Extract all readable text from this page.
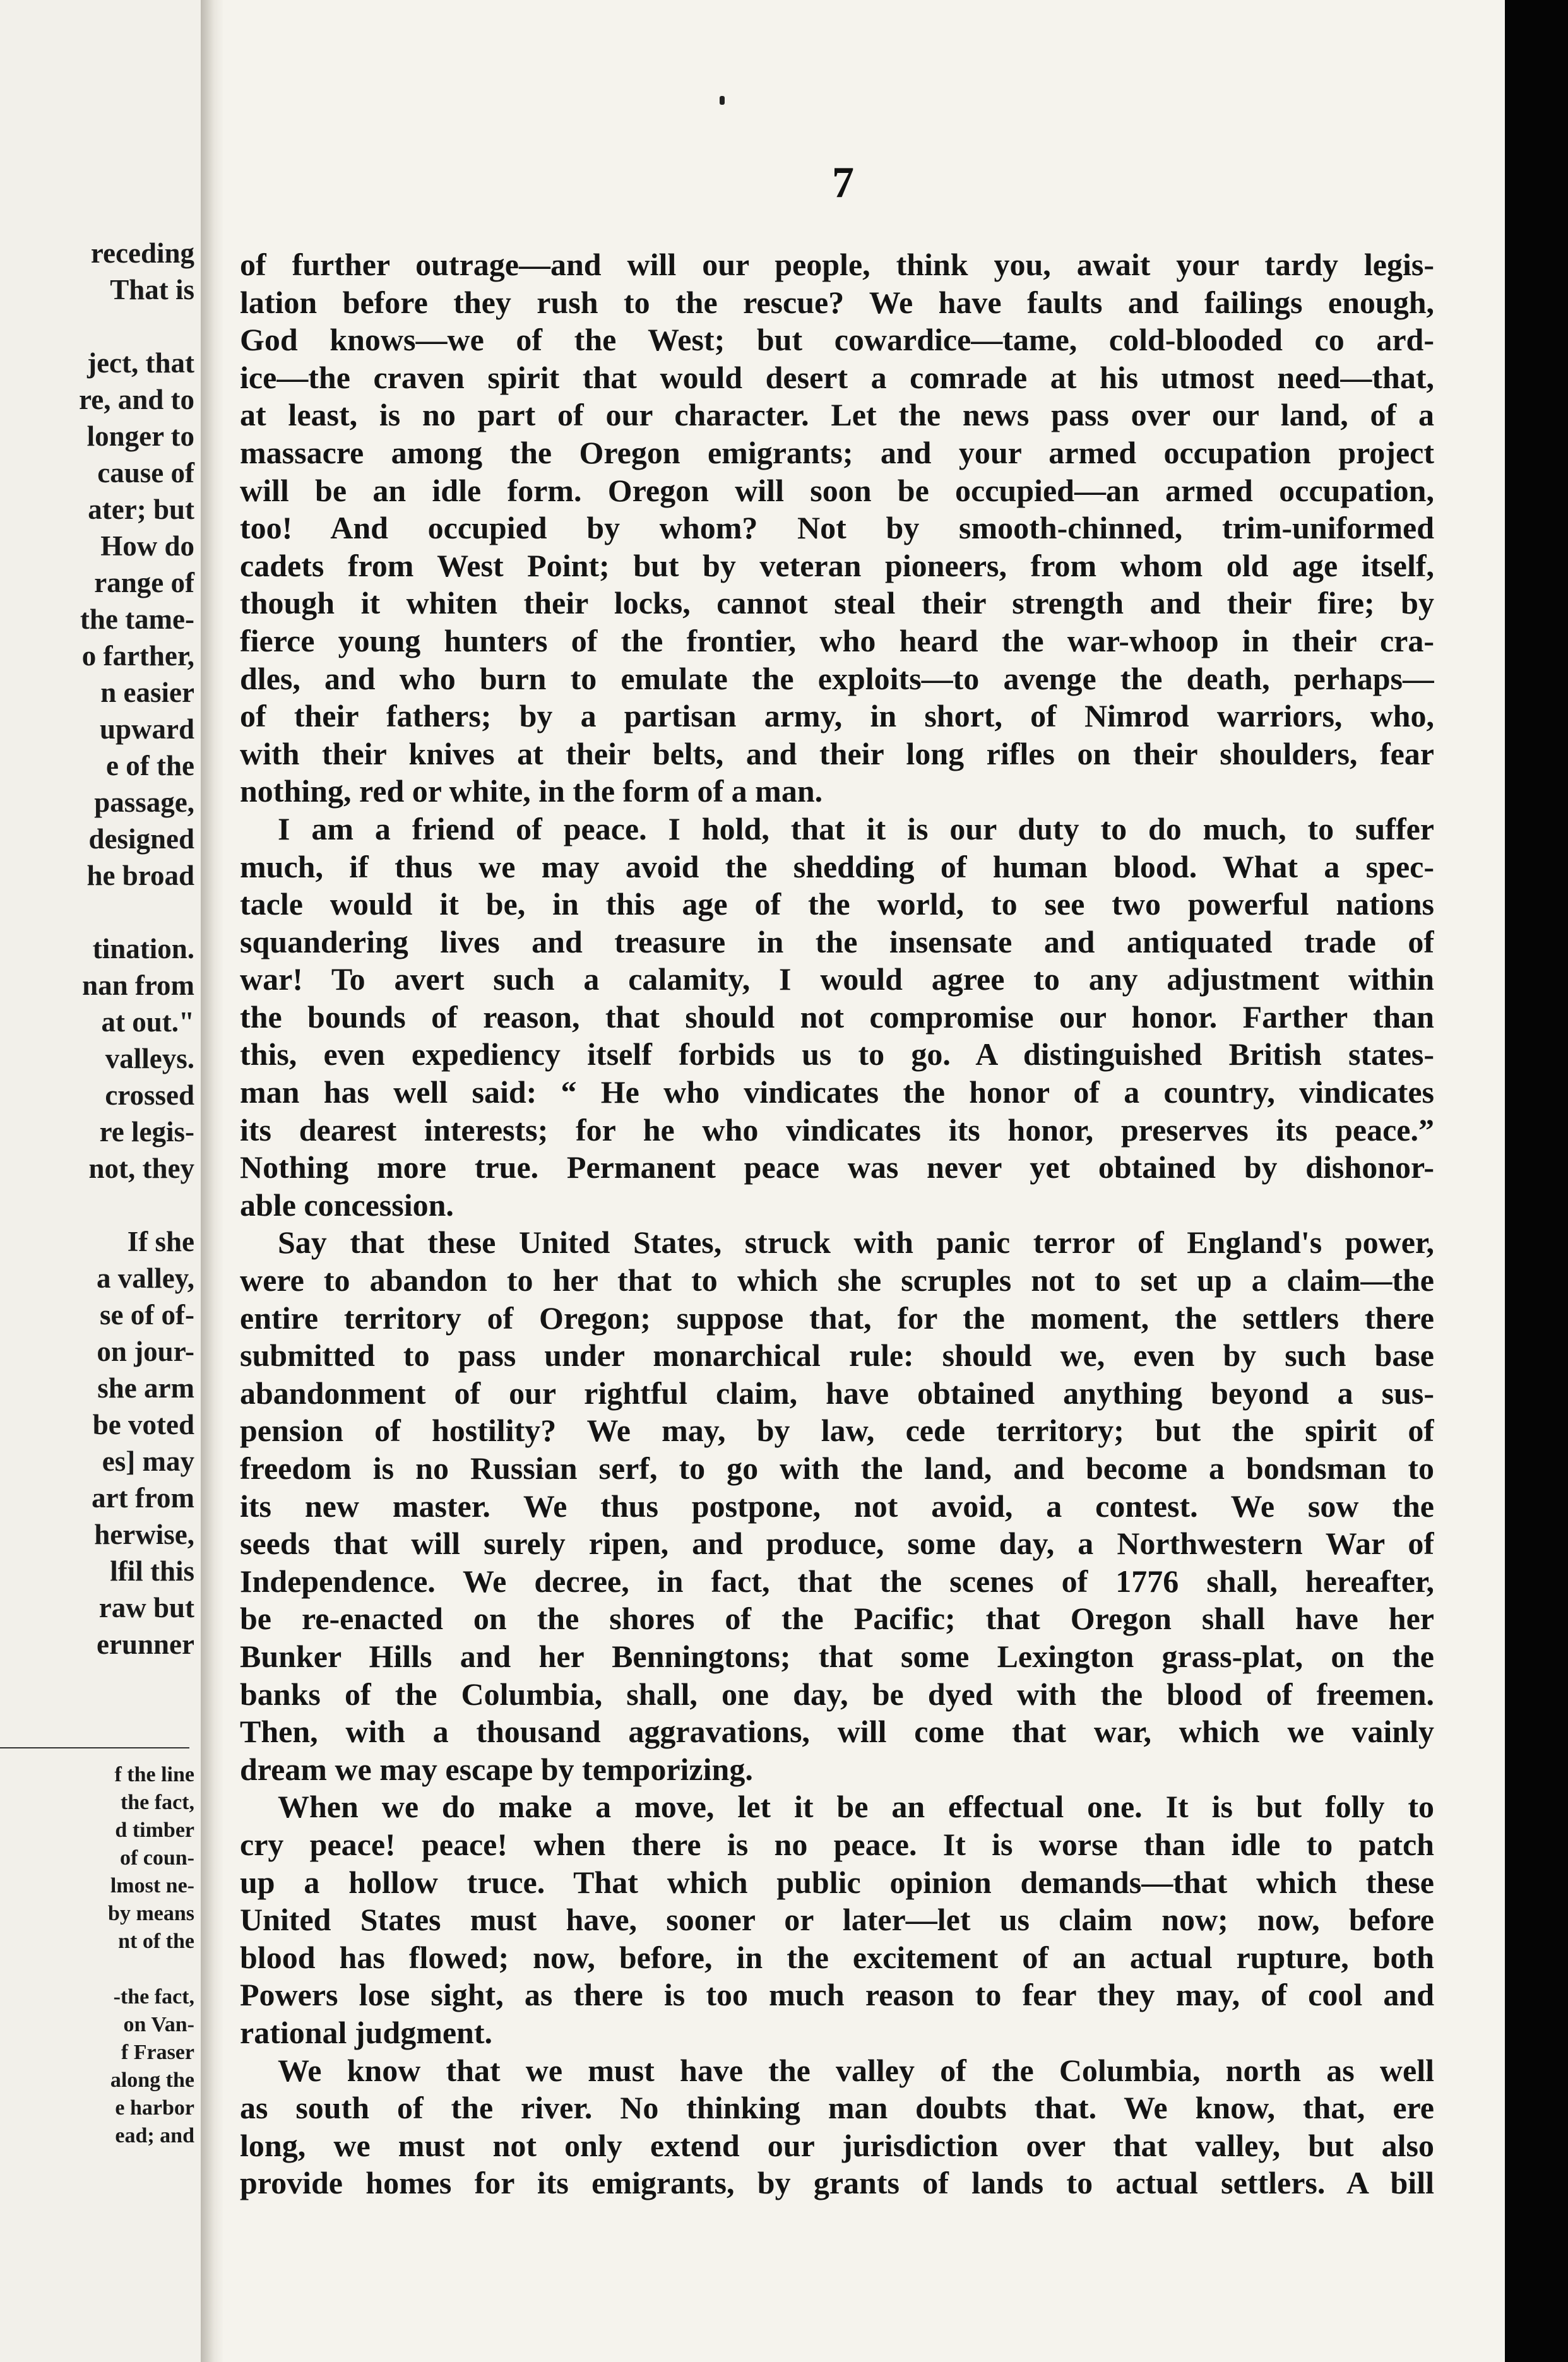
receding
That is
ject, that
re, and to
longer to
cause of
ater; but
How do
range of
the tame-
o farther,
n easier
upward
e of the
passage,
designed
he broad
tination.
nan from
at out."
valleys.
crossed
re legis-
not, they
If she
a valley,
se of of-
on jour-
she arm
be voted
es] may
art from
herwise,
lfil this
raw but
erunner
f the line
the fact,
d timber
of coun-
lmost ne-
by means
nt of the
-the fact,
on Van-
f Fraser
along the
e harbor
ead; and
7
of further outrage—and will our people, think you, await your tardy legis-
lation before they rush to the rescue? We have faults and failings enough,
God knows—we of the West; but cowardice—tame, cold-blooded co ard-
ice—the craven spirit that would desert a comrade at his utmost need—that,
at least, is no part of our character. Let the news pass over our land, of a
massacre among the Oregon emigrants; and your armed occupation project
will be an idle form. Oregon will soon be occupied—an armed occupation,
too! And occupied by whom? Not by smooth-chinned, trim-uniformed
cadets from West Point; but by veteran pioneers, from whom old age itself,
though it whiten their locks, cannot steal their strength and their fire; by
fierce young hunters of the frontier, who heard the war-whoop in their cra-
dles, and who burn to emulate the exploits—to avenge the death, perhaps—
of their fathers; by a partisan army, in short, of Nimrod warriors, who,
with their knives at their belts, and their long rifles on their shoulders, fear
nothing, red or white, in the form of a man.
I am a friend of peace. I hold, that it is our duty to do much, to suffer
much, if thus we may avoid the shedding of human blood. What a spec-
tacle would it be, in this age of the world, to see two powerful nations
squandering lives and treasure in the insensate and antiquated trade of
war! To avert such a calamity, I would agree to any adjustment within
the bounds of reason, that should not compromise our honor. Farther than
this, even expediency itself forbids us to go. A distinguished British states-
man has well said: “ He who vindicates the honor of a country, vindicates
its dearest interests; for he who vindicates its honor, preserves its peace.”
Nothing more true. Permanent peace was never yet obtained by dishonor-
able concession.
Say that these United States, struck with panic terror of England's power,
were to abandon to her that to which she scruples not to set up a claim—the
entire territory of Oregon; suppose that, for the moment, the settlers there
submitted to pass under monarchical rule: should we, even by such base
abandonment of our rightful claim, have obtained anything beyond a sus-
pension of hostility? We may, by law, cede territory; but the spirit of
freedom is no Russian serf, to go with the land, and become a bondsman to
its new master. We thus postpone, not avoid, a contest. We sow the
seeds that will surely ripen, and produce, some day, a Northwestern War of
Independence. We decree, in fact, that the scenes of 1776 shall, hereafter,
be re-enacted on the shores of the Pacific; that Oregon shall have her
Bunker Hills and her Benningtons; that some Lexington grass-plat, on the
banks of the Columbia, shall, one day, be dyed with the blood of freemen.
Then, with a thousand aggravations, will come that war, which we vainly
dream we may escape by temporizing.
When we do make a move, let it be an effectual one. It is but folly to
cry peace! peace! when there is no peace. It is worse than idle to patch
up a hollow truce. That which public opinion demands—that which these
United States must have, sooner or later—let us claim now; now, before
blood has flowed; now, before, in the excitement of an actual rupture, both
Powers lose sight, as there is too much reason to fear they may, of cool and
rational judgment.
We know that we must have the valley of the Columbia, north as well
as south of the river. No thinking man doubts that. We know, that, ere
long, we must not only extend our jurisdiction over that valley, but also
provide homes for its emigrants, by grants of lands to actual settlers. A bill
